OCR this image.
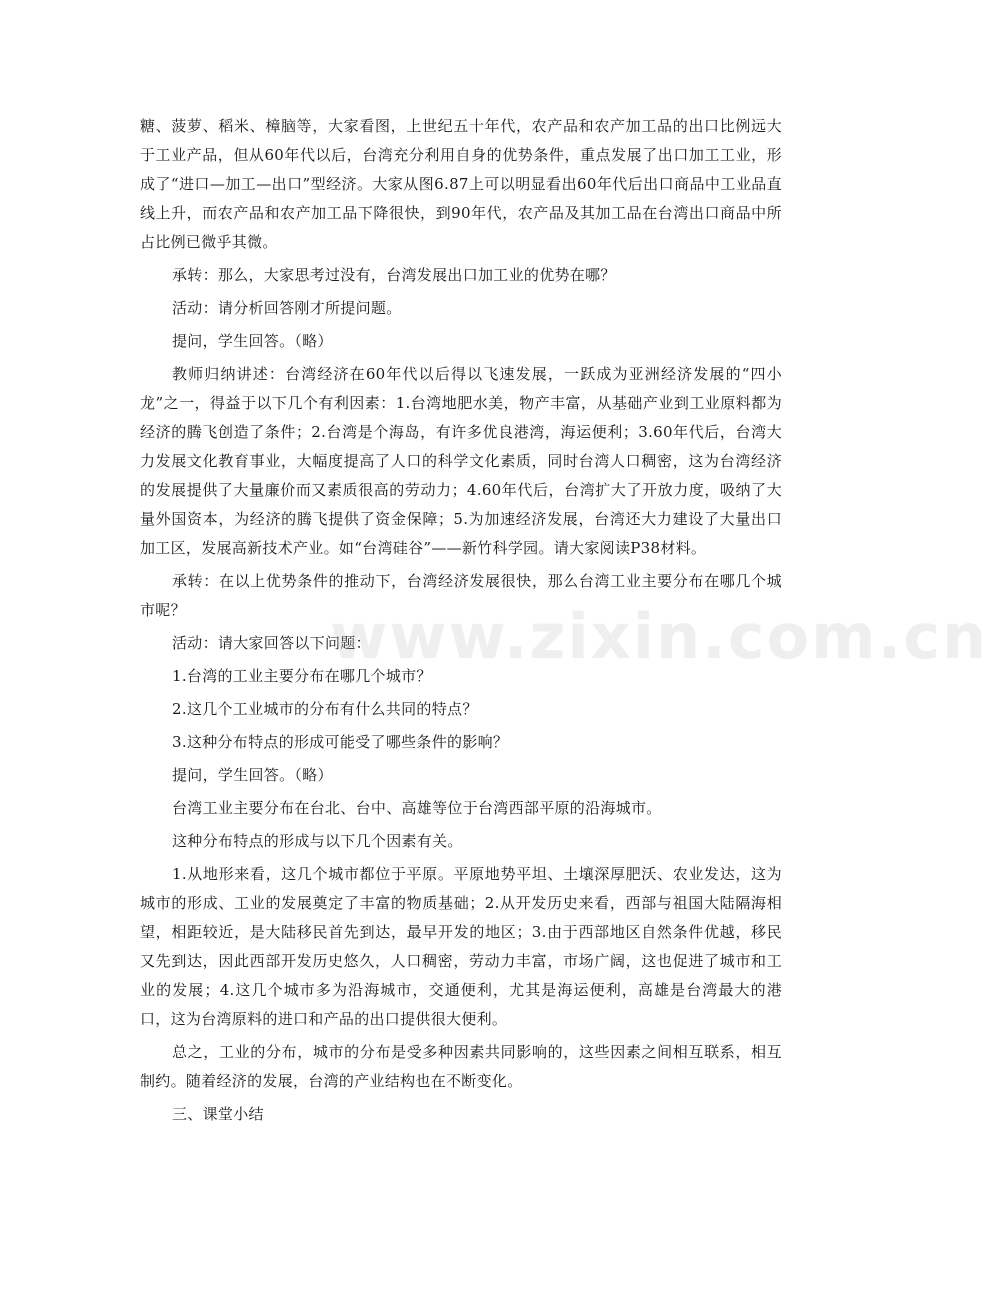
糖、菠萝、稻米、樟脑等，大家看图，上世纪五十年代，农产品和农产加工品的出口比例远大于工业产品，但从60年代以后，台湾充分利用自身的优势条件，重点发展了出口加工工业，形成了“进口—加工—出口”型经济。大家从图6.87上可以明显看出60年代后出口商品中工业品直线上升，而农产品和农产加工品下降很快，到90年代，农产品及其加工品在台湾出口商品中所占比例已微乎其微。

承转：那么，大家思考过没有，台湾发展出口加工业的优势在哪？

活动：请分析回答刚才所提问题。

提问，学生回答。（略）

教师归纳讲述：台湾经济在60年代以后得以飞速发展，一跃成为亚洲经济发展的“四小龙”之一，得益于以下几个有利因素：1.台湾地肥水美，物产丰富，从基础产业到工业原料都为经济的腾飞创造了条件；2.台湾是个海岛，有许多优良港湾，海运便利；3.60年代后，台湾大力发展文化教育事业，大幅度提高了人口的科学文化素质，同时台湾人口稠密，这为台湾经济的发展提供了大量廉价而又素质很高的劳动力；4.60年代后，台湾扩大了开放力度，吸纳了大量外国资本，为经济的腾飞提供了资金保障；5.为加速经济发展，台湾还大力建设了大量出口加工区，发展高新技术产业。如“台湾硅谷”——新竹科学园。请大家阅读P38材料。

承转：在以上优势条件的推动下，台湾经济发展很快，那么台湾工业主要分布在哪几个城市呢？

活动：请大家回答以下问题：

1.台湾的工业主要分布在哪几个城市？

2.这几个工业城市的分布有什么共同的特点？

3.这种分布特点的形成可能受了哪些条件的影响？

提问，学生回答。（略）

台湾工业主要分布在台北、台中、高雄等位于台湾西部平原的沿海城市。

这种分布特点的形成与以下几个因素有关。

1.从地形来看，这几个城市都位于平原。平原地势平坦、土壤深厚肥沃、农业发达，这为城市的形成、工业的发展奠定了丰富的物质基础；2.从开发历史来看，西部与祖国大陆隔海相望，相距较近，是大陆移民首先到达，最早开发的地区；3.由于西部地区自然条件优越，移民又先到达，因此西部开发历史悠久，人口稠密，劳动力丰富，市场广阔，这也促进了城市和工业的发展；4.这几个城市多为沿海城市，交通便利，尤其是海运便利，高雄是台湾最大的港口，这为台湾原料的进口和产品的出口提供很大便利。

总之，工业的分布，城市的分布是受多种因素共同影响的，这些因素之间相互联系，相互制约。随着经济的发展，台湾的产业结构也在不断变化。

三、课堂小结

www.zixin.com.cn
